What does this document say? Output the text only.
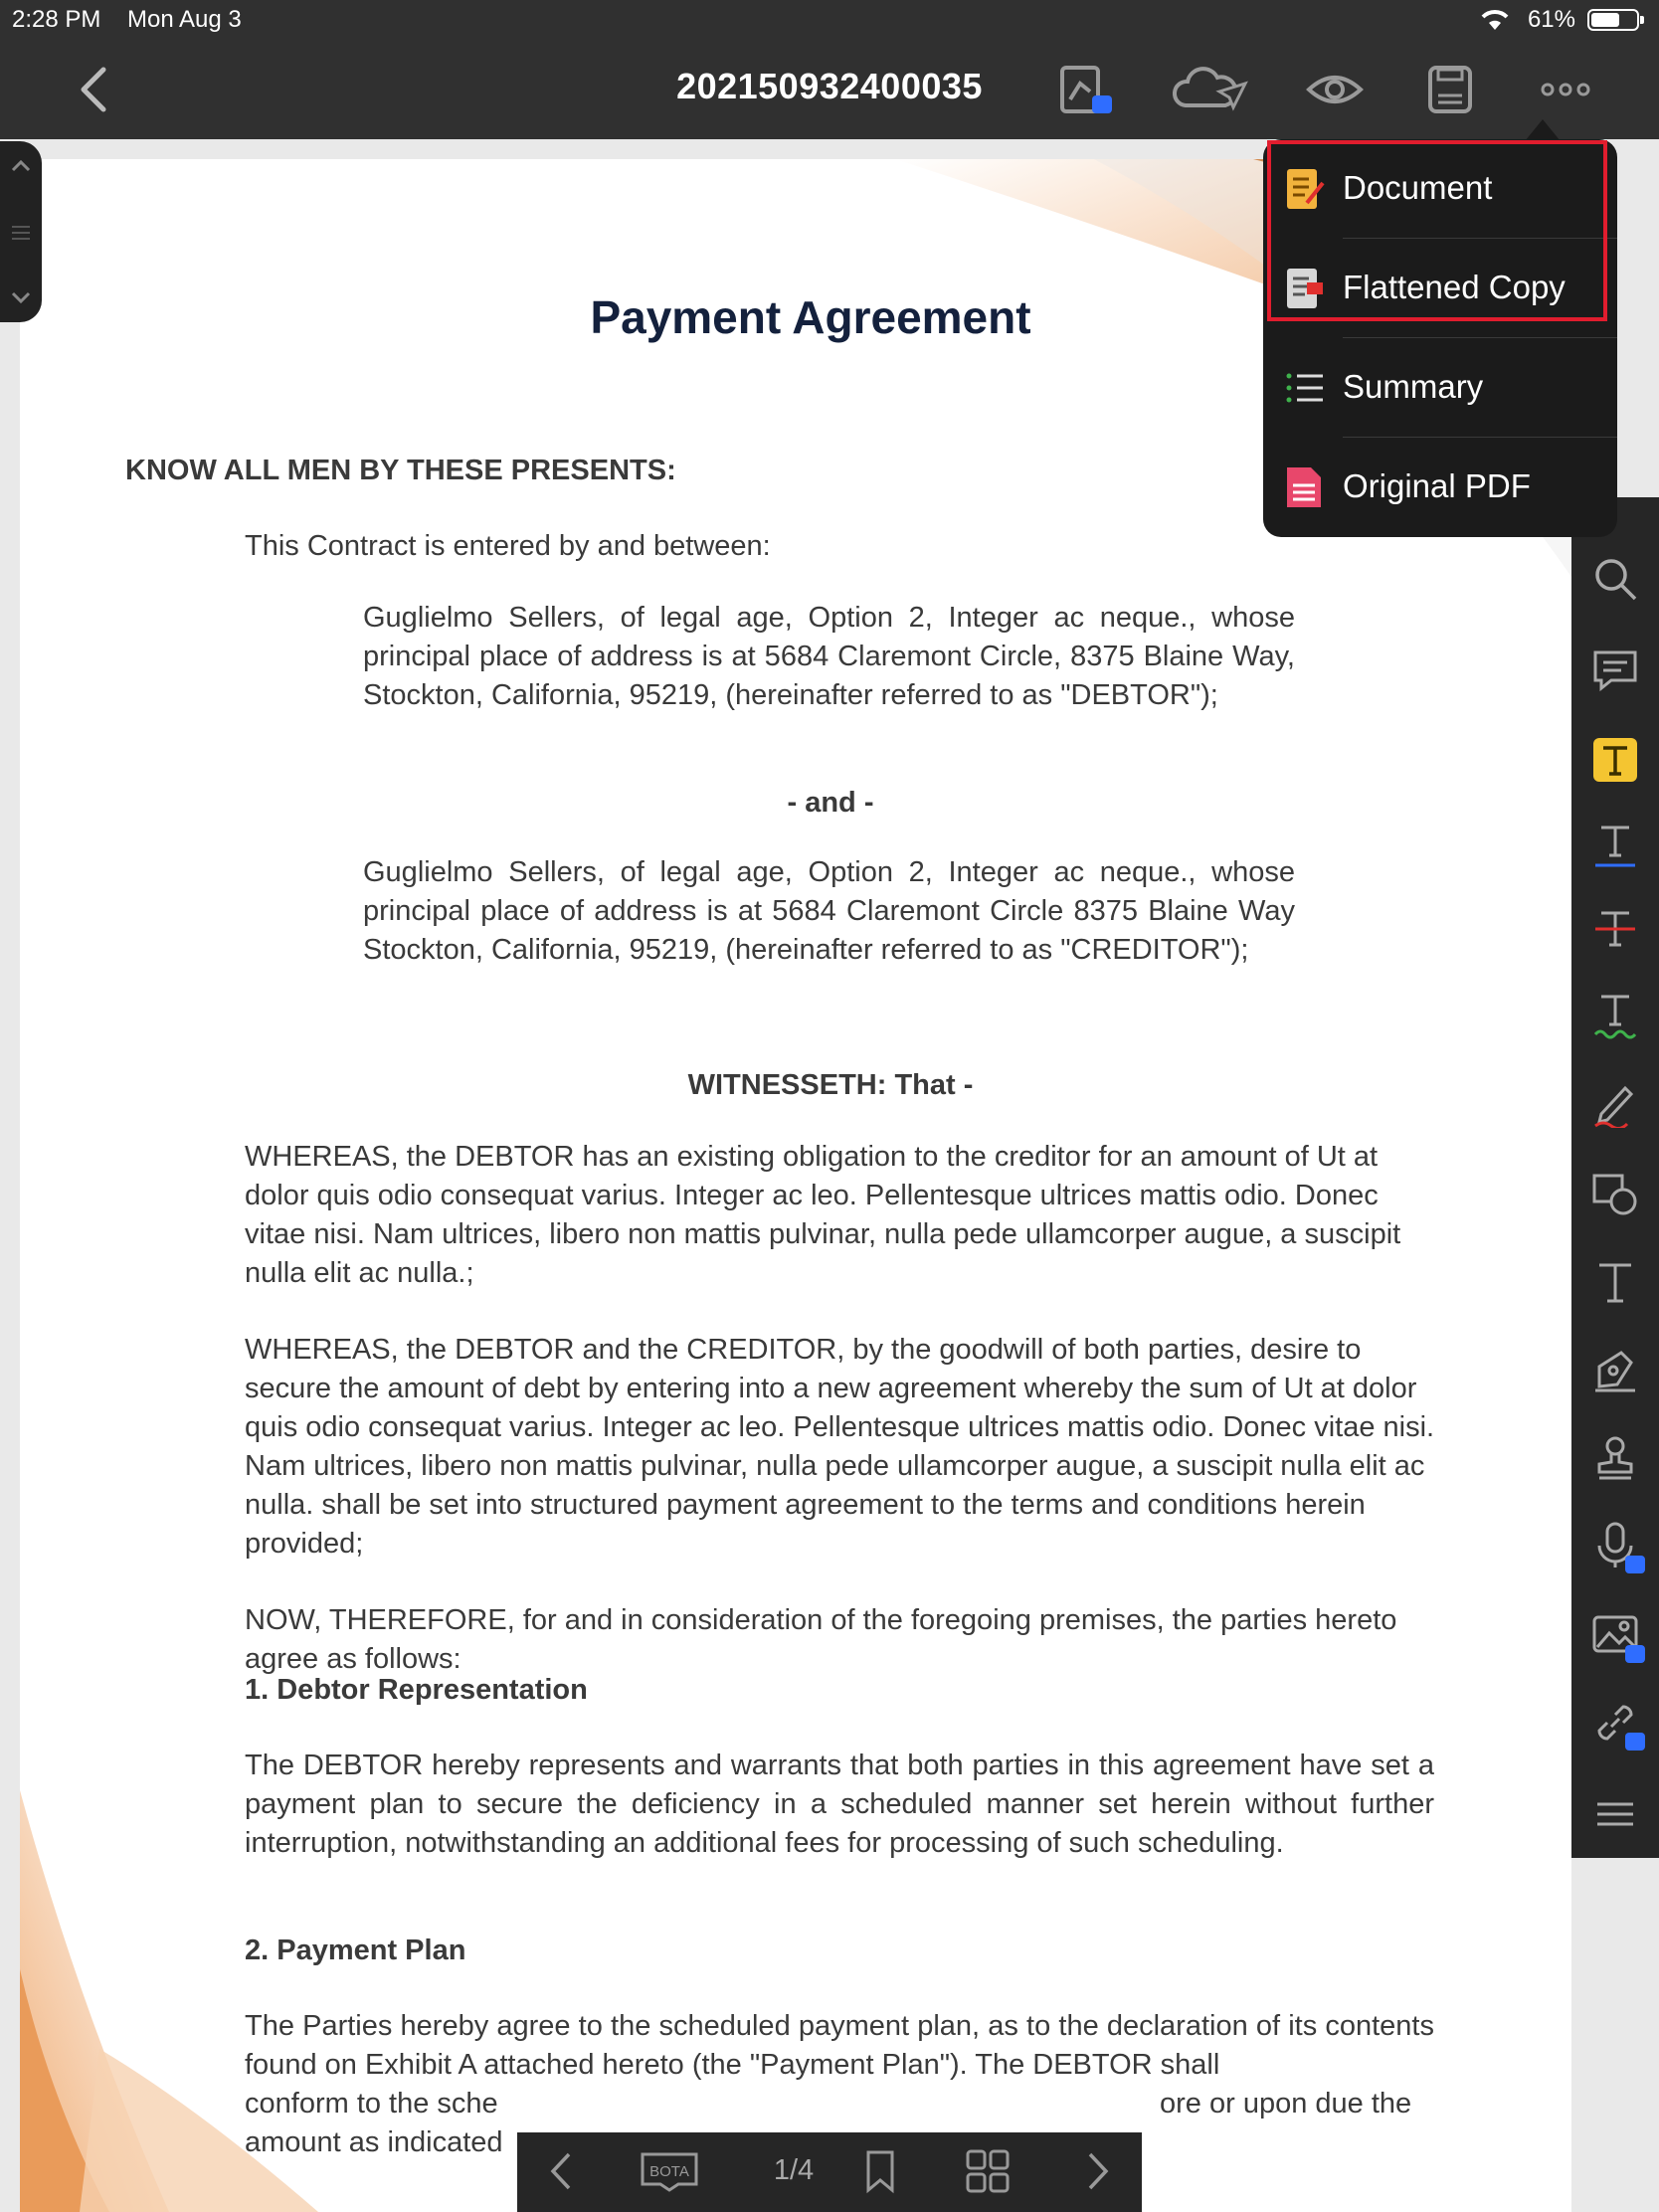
2:28 PM Mon Aug 3	61%
202150932400035
KNOW ALL MEN BY THESE PRESENTS:
This Contract is entered by and between:
Guglielmo Sellers, of legal age, Option 2, Integer ac neque., whose principal place of address is at 5684 Claremont Circle, 8375 Blaine Way, Stockton, California, 95219, (hereinafter referred to as "DEBTOR");
- and -
Guglielmo Sellers, of legal age, Option 2, Integer ac neque., whose principal place of address is at 5684 Claremont Circle 8375 Blaine Way Stockton, California, 95219, (hereinafter referred to as "CREDITOR");
WITNESSETH: That -
WHEREAS, the DEBTOR has an existing obligation to the creditor for an amount of Ut at dolor quis odio consequat varius. Integer ac leo. Pellentesque ultrices mattis odio. Donec vitae nisi. Nam ultrices, libero non mattis pulvinar, nulla pede ullamcorper augue, a suscipit nulla elit ac nulla.;
WHEREAS, the DEBTOR and the CREDITOR, by the goodwill of both parties, desire to secure the amount of debt by entering into a new agreement whereby the sum of Ut at dolor quis odio consequat varius. Integer ac leo. Pellentesque ultrices mattis odio. Donec vitae nisi. Nam ultrices, libero non mattis pulvinar, nulla pede ullamcorper augue, a suscipit nulla elit ac nulla. shall be set into structured payment agreement to the terms and conditions herein provided;
NOW, THEREFORE, for and in consideration of the foregoing premises, the parties hereto agree as follows:
1. Debtor Representation
The DEBTOR hereby represents and warrants that both parties in this agreement have set a payment plan to secure the deficiency in a scheduled manner set herein without further interruption, notwithstanding an additional fees for processing of such scheduling.
2. Payment Plan
The Parties hereby agree to the scheduled payment plan, as to the declaration of its contents found on Exhibit A attached hereto (the "Payment Plan"). The DEBTOR shall
conform to the sche	ore or upon due the
amount as indicated
Payment Agreement
Document
Flattened Copy
Summary
Original PDF
BOTA	1/4
